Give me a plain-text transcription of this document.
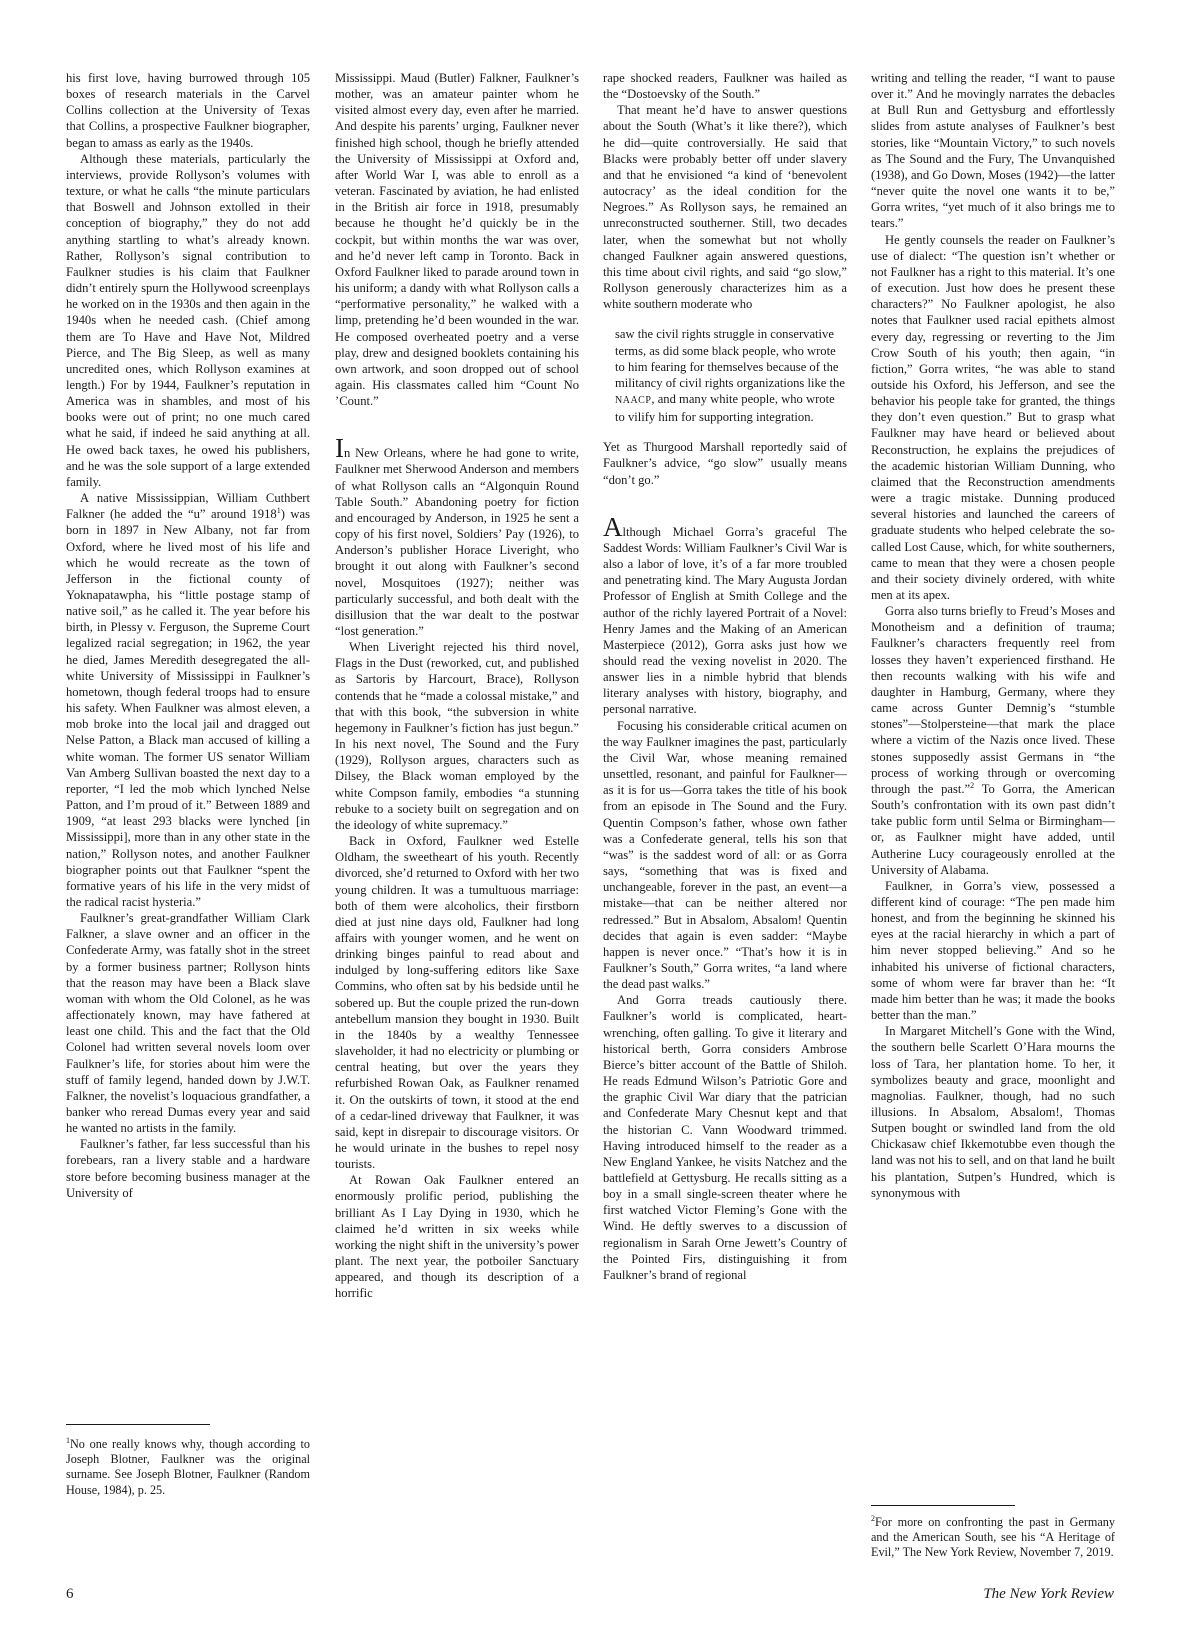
his first love, having burrowed through 105 boxes of research materials in the Carvel Collins collection at the University of Texas that Collins, a prospective Faulkner biographer, began to amass as early as the 1940s.

Although these materials, particularly the interviews, provide Rollyson’s volumes with texture, or what he calls “the minute particulars that Boswell and Johnson extolled in their conception of biography,” they do not add anything startling to what’s already known. Rather, Rollyson’s signal contribution to Faulkner studies is his claim that Faulkner didn’t entirely spurn the Hollywood screenplays he worked on in the 1930s and then again in the 1940s when he needed cash. (Chief among them are To Have and Have Not, Mildred Pierce, and The Big Sleep, as well as many uncredited ones, which Rollyson examines at length.) For by 1944, Faulkner’s reputation in America was in shambles, and most of his books were out of print; no one much cared what he said, if indeed he said anything at all. He owed back taxes, he owed his publishers, and he was the sole support of a large extended family.

A native Mississippian, William Cuthbert Falkner (he added the “u” around 1918$^1$) was born in 1897 in New Albany, not far from Oxford, where he lived most of his life and which he would recreate as the town of Jefferson in the fictional county of Yoknapatawpha, his “little postage stamp of native soil,” as he called it. The year before his birth, in Plessy v. Ferguson, the Supreme Court legalized racial segregation; in 1962, the year he died, James Meredith desegregated the all-white University of Mississippi in Faulkner’s hometown, though federal troops had to ensure his safety. When Faulkner was almost eleven, a mob broke into the local jail and dragged out Nelse Patton, a Black man accused of killing a white woman. The former US senator William Van Amberg Sullivan boasted the next day to a reporter, “I led the mob which lynched Nelse Patton, and I’m proud of it.” Between 1889 and 1909, “at least 293 blacks were lynched [in Mississippi], more than in any other state in the nation,” Rollyson notes, and another Faulkner biographer points out that Faulkner “spent the formative years of his life in the very midst of the radical racist hysteria.”

Faulkner’s great-grandfather William Clark Falkner, a slave owner and an officer in the Confederate Army, was fatally shot in the street by a former business partner; Rollyson hints that the reason may have been a Black slave woman with whom the Old Colonel, as he was affectionately known, may have fathered at least one child. This and the fact that the Old Colonel had written several novels loom over Faulkner’s life, for stories about him were the stuff of family legend, handed down by J.W.T. Falkner, the novelist’s loquacious grandfather, a banker who reread Dumas every year and said he wanted no artists in the family.

Faulkner’s father, far less successful than his forebears, ran a livery stable and a hardware store before becoming business manager at the University of

$^1$No one really knows why, though according to Joseph Blotner, Faulkner was the original surname. See Joseph Blotner, Faulkner (Random House, 1984), p. 25.

Mississippi. Maud (Butler) Falkner, Faulkner’s mother, was an amateur painter whom he visited almost every day, even after he married. And despite his parents’ urging, Faulkner never finished high school, though he briefly attended the University of Mississippi at Oxford and, after World War I, was able to enroll as a veteran. Fascinated by aviation, he had enlisted in the British air force in 1918, presumably because he thought he’d quickly be in the cockpit, but within months the war was over, and he’d never left camp in Toronto. Back in Oxford Faulkner liked to parade around town in his uniform; a dandy with what Rollyson calls a “performative personality,” he walked with a limp, pretending he’d been wounded in the war. He composed overheated poetry and a verse play, drew and designed booklets containing his own artwork, and soon dropped out of school again. His classmates called him “Count No ’Count.”

In New Orleans, where he had gone to write, Faulkner met Sherwood Anderson and members of what Rollyson calls an “Algonquin Round Table South.” Abandoning poetry for fiction and encouraged by Anderson, in 1925 he sent a copy of his first novel, Soldiers’ Pay (1926), to Anderson’s publisher Horace Liveright, who brought it out along with Faulkner’s second novel, Mosquitoes (1927); neither was particularly successful, and both dealt with the disillusion that the war dealt to the postwar “lost generation.”

When Liveright rejected his third novel, Flags in the Dust (reworked, cut, and published as Sartoris by Harcourt, Brace), Rollyson contends that he “made a colossal mistake,” and that with this book, “the subversion in white hegemony in Faulkner’s fiction has just begun.” In his next novel, The Sound and the Fury (1929), Rollyson argues, characters such as Dilsey, the Black woman employed by the white Compson family, embodies “a stunning rebuke to a society built on segregation and on the ideology of white supremacy.”

Back in Oxford, Faulkner wed Estelle Oldham, the sweetheart of his youth. Recently divorced, she’d returned to Oxford with her two young children. It was a tumultuous marriage: both of them were alcoholics, their firstborn died at just nine days old, Faulkner had long affairs with younger women, and he went on drinking binges painful to read about and indulged by long-suffering editors like Saxe Commins, who often sat by his bedside until he sobered up. But the couple prized the run-down antebellum mansion they bought in 1930. Built in the 1840s by a wealthy Tennessee slaveholder, it had no electricity or plumbing or central heating, but over the years they refurbished Rowan Oak, as Faulkner renamed it. On the outskirts of town, it stood at the end of a cedar-lined driveway that Faulkner, it was said, kept in disrepair to discourage visitors. Or he would urinate in the bushes to repel nosy tourists.

At Rowan Oak Faulkner entered an enormously prolific period, publishing the brilliant As I Lay Dying in 1930, which he claimed he’d written in six weeks while working the night shift in the university’s power plant. The next year, the potboiler Sanctuary appeared, and though its description of a horrific

rape shocked readers, Faulkner was hailed as the “Dostoevsky of the South.”

That meant he’d have to answer questions about the South (What’s it like there?), which he did—quite controversially. He said that Blacks were probably better off under slavery and that he envisioned “a kind of ‘benevolent autocracy’ as the ideal condition for the Negroes.” As Rollyson says, he remained an unreconstructed southerner. Still, two decades later, when the somewhat but not wholly changed Faulkner again answered questions, this time about civil rights, and said “go slow,” Rollyson generously characterizes him as a white southern moderate who

saw the civil rights struggle in conservative terms, as did some black people, who wrote to him fearing for themselves because of the militancy of civil rights organizations like the NAACP, and many white people, who wrote to vilify him for supporting integration.

Yet as Thurgood Marshall reportedly said of Faulkner’s advice, “go slow” usually means “don’t go.”

Although Michael Gorra’s graceful The Saddest Words: William Faulkner’s Civil War is also a labor of love, it’s of a far more troubled and penetrating kind. The Mary Augusta Jordan Professor of English at Smith College and the author of the richly layered Portrait of a Novel: Henry James and the Making of an American Masterpiece (2012), Gorra asks just how we should read the vexing novelist in 2020. The answer lies in a nimble hybrid that blends literary analyses with history, biography, and personal narrative.

Focusing his considerable critical acumen on the way Faulkner imagines the past, particularly the Civil War, whose meaning remained unsettled, resonant, and painful for Faulkner—as it is for us—Gorra takes the title of his book from an episode in The Sound and the Fury. Quentin Compson’s father, whose own father was a Confederate general, tells his son that “was” is the saddest word of all: or as Gorra says, “something that was is fixed and unchangeable, forever in the past, an event—a mistake—that can be neither altered nor redressed.” But in Absalom, Absalom! Quentin decides that again is even sadder: “Maybe happen is never once.” “That’s how it is in Faulkner’s South,” Gorra writes, “a land where the dead past walks.”

And Gorra treads cautiously there. Faulkner’s world is complicated, heart-wrenching, often galling. To give it literary and historical berth, Gorra considers Ambrose Bierce’s bitter account of the Battle of Shiloh. He reads Edmund Wilson’s Patriotic Gore and the graphic Civil War diary that the patrician and Confederate Mary Chesnut kept and that the historian C. Vann Woodward trimmed. Having introduced himself to the reader as a New England Yankee, he visits Natchez and the battlefield at Gettysburg. He recalls sitting as a boy in a small single-screen theater where he first watched Victor Fleming’s Gone with the Wind. He deftly swerves to a discussion of regionalism in Sarah Orne Jewett’s Country of the Pointed Firs, distinguishing it from Faulkner’s brand of regional

writing and telling the reader, “I want to pause over it.” And he movingly narrates the debacles at Bull Run and Gettysburg and effortlessly slides from astute analyses of Faulkner’s best stories, like “Mountain Victory,” to such novels as The Sound and the Fury, The Unvanquished (1938), and Go Down, Moses (1942)—the latter “never quite the novel one wants it to be,” Gorra writes, “yet much of it also brings me to tears.”

He gently counsels the reader on Faulkner’s use of dialect: “The question isn’t whether or not Faulkner has a right to this material. It’s one of execution. Just how does he present these characters?” No Faulkner apologist, he also notes that Faulkner used racial epithets almost every day, regressing or reverting to the Jim Crow South of his youth; then again, “in fiction,” Gorra writes, “he was able to stand outside his Oxford, his Jefferson, and see the behavior his people take for granted, the things they don’t even question.” But to grasp what Faulkner may have heard or believed about Reconstruction, he explains the prejudices of the academic historian William Dunning, who claimed that the Reconstruction amendments were a tragic mistake. Dunning produced several histories and launched the careers of graduate students who helped celebrate the so-called Lost Cause, which, for white southerners, came to mean that they were a chosen people and their society divinely ordered, with white men at its apex.

Gorra also turns briefly to Freud’s Moses and Monotheism and a definition of trauma; Faulkner’s characters frequently reel from losses they haven’t experienced firsthand. He then recounts walking with his wife and daughter in Hamburg, Germany, where they came across Gunter Demnig’s “stumble stones”—Stolpersteine—that mark the place where a victim of the Nazis once lived. These stones supposedly assist Germans in “the process of working through or overcoming through the past.”$^2$ To Gorra, the American South’s confrontation with its own past didn’t take public form until Selma or Birmingham—or, as Faulkner might have added, until Autherine Lucy courageously enrolled at the University of Alabama.

Faulkner, in Gorra’s view, possessed a different kind of courage: “The pen made him honest, and from the beginning he skinned his eyes at the racial hierarchy in which a part of him never stopped believing.” And so he inhabited his universe of fictional characters, some of whom were far braver than he: “It made him better than he was; it made the books better than the man.”

In Margaret Mitchell’s Gone with the Wind, the southern belle Scarlett O’Hara mourns the loss of Tara, her plantation home. To her, it symbolizes beauty and grace, moonlight and magnolias. Faulkner, though, had no such illusions. In Absalom, Absalom!, Thomas Sutpen bought or swindled land from the old Chickasaw chief Ikkemotubbe even though the land was not his to sell, and on that land he built his plantation, Sutpen’s Hundred, which is synonymous with

$^2$For more on confronting the past in Germany and the American South, see his “A Heritage of Evil,” The New York Review, November 7, 2019.
6	The New York Review
